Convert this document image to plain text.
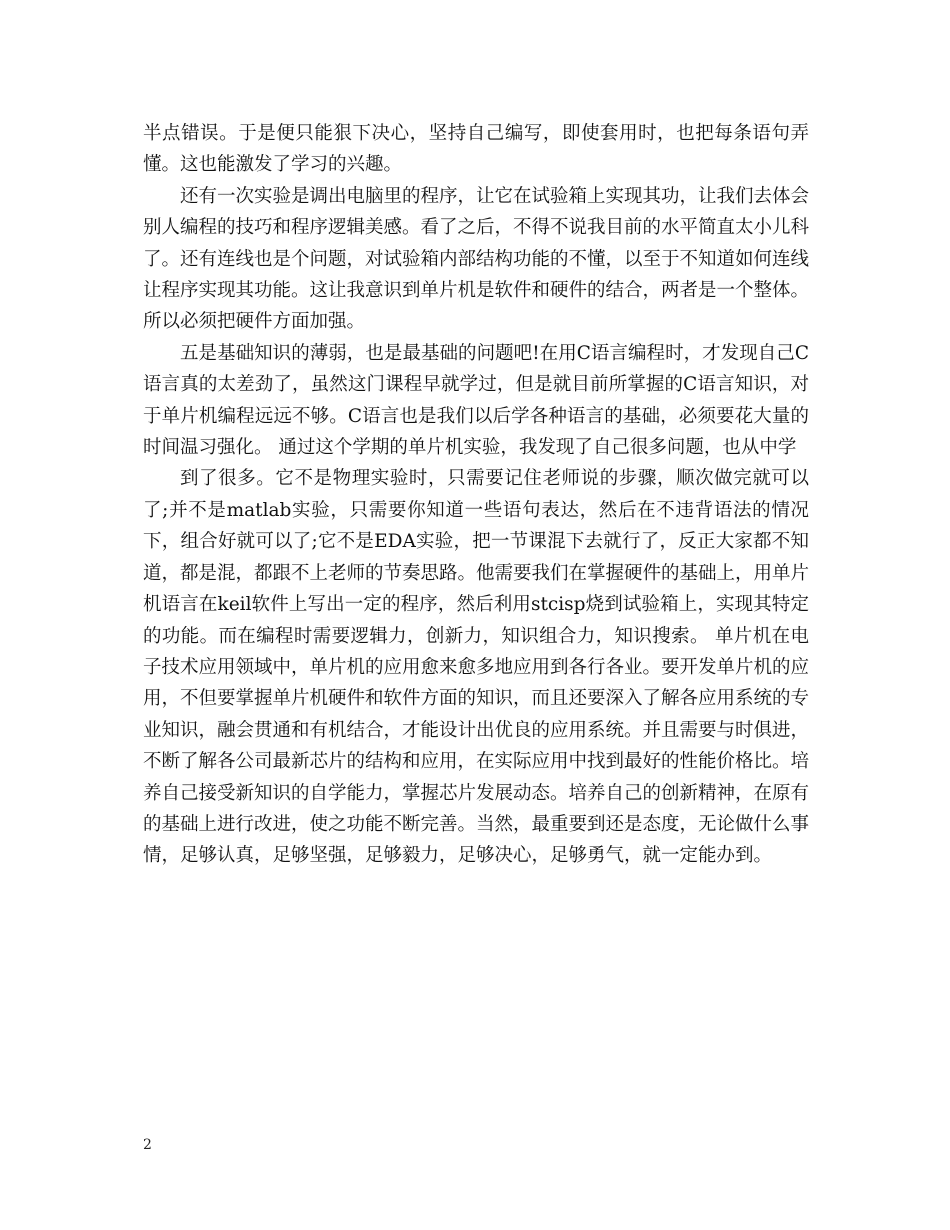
半点错误。于是便只能狠下决心，坚持自己编写，即使套用时，也把每条语句弄懂。这也能激发了学习的兴趣。

还有一次实验是调出电脑里的程序，让它在试验箱上实现其功，让我们去体会别人编程的技巧和程序逻辑美感。看了之后，不得不说我目前的水平简直太小儿科了。还有连线也是个问题，对试验箱内部结构功能的不懂，以至于不知道如何连线让程序实现其功能。这让我意识到单片机是软件和硬件的结合，两者是一个整体。所以必须把硬件方面加强。

五是基础知识的薄弱，也是最基础的问题吧!在用C语言编程时，才发现自己C语言真的太差劲了，虽然这门课程早就学过，但是就目前所掌握的C语言知识，对于单片机编程远远不够。C语言也是我们以后学各种语言的基础，必须要花大量的时间温习强化。 通过这个学期的单片机实验，我发现了自己很多问题，也从中学

到了很多。它不是物理实验时，只需要记住老师说的步骤，顺次做完就可以了;并不是matlab实验，只需要你知道一些语句表达，然后在不违背语法的情况下，组合好就可以了;它不是EDA实验，把一节课混下去就行了，反正大家都不知道，都是混，都跟不上老师的节奏思路。他需要我们在掌握硬件的基础上，用单片机语言在keil软件上写出一定的程序，然后利用stcisp烧到试验箱上，实现其特定的功能。而在编程时需要逻辑力，创新力，知识组合力，知识搜索。 单片机在电子技术应用领域中，单片机的应用愈来愈多地应用到各行各业。要开发单片机的应用，不但要掌握单片机硬件和软件方面的知识，而且还要深入了解各应用系统的专业知识，融会贯通和有机结合，才能设计出优良的应用系统。并且需要与时俱进，不断了解各公司最新芯片的结构和应用，在实际应用中找到最好的性能价格比。培养自己接受新知识的自学能力，掌握芯片发展动态。培养自己的创新精神，在原有的基础上进行改进，使之功能不断完善。当然，最重要到还是态度，无论做什么事情，足够认真，足够坚强，足够毅力，足够决心，足够勇气，就一定能办到。

2
